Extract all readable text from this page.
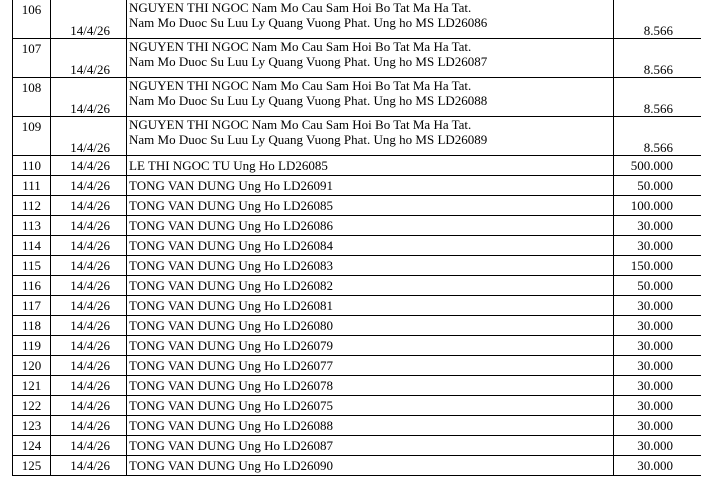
106	14/4/26	NGUYEN THI NGOC Nam Mo Cau Sam Hoi Bo Tat Ma Ha Tat.
Nam Mo Duoc Su Luu Ly Quang Vuong Phat. Ung ho MS LD26086	8.566
107	14/4/26	NGUYEN THI NGOC Nam Mo Cau Sam Hoi Bo Tat Ma Ha Tat.
Nam Mo Duoc Su Luu Ly Quang Vuong Phat. Ung ho MS LD26087	8.566
108	14/4/26	NGUYEN THI NGOC Nam Mo Cau Sam Hoi Bo Tat Ma Ha Tat.
Nam Mo Duoc Su Luu Ly Quang Vuong Phat. Ung ho MS LD26088	8.566
109	14/4/26	NGUYEN THI NGOC Nam Mo Cau Sam Hoi Bo Tat Ma Ha Tat.
Nam Mo Duoc Su Luu Ly Quang Vuong Phat. Ung ho MS LD26089	8.566
110	14/4/26	LE THI NGOC TU Ung Ho LD26085	500.000
111	14/4/26	TONG VAN DUNG Ung Ho LD26091	50.000
112	14/4/26	TONG VAN DUNG Ung Ho LD26085	100.000
113	14/4/26	TONG VAN DUNG Ung Ho LD26086	30.000
114	14/4/26	TONG VAN DUNG Ung Ho LD26084	30.000
115	14/4/26	TONG VAN DUNG Ung Ho LD26083	150.000
116	14/4/26	TONG VAN DUNG Ung Ho LD26082	50.000
117	14/4/26	TONG VAN DUNG Ung Ho LD26081	30.000
118	14/4/26	TONG VAN DUNG Ung Ho LD26080	30.000
119	14/4/26	TONG VAN DUNG Ung Ho LD26079	30.000
120	14/4/26	TONG VAN DUNG Ung Ho LD26077	30.000
121	14/4/26	TONG VAN DUNG Ung Ho LD26078	30.000
122	14/4/26	TONG VAN DUNG Ung Ho LD26075	30.000
123	14/4/26	TONG VAN DUNG Ung Ho LD26088	30.000
124	14/4/26	TONG VAN DUNG Ung Ho LD26087	30.000
125	14/4/26	TONG VAN DUNG Ung Ho LD26090	30.000
